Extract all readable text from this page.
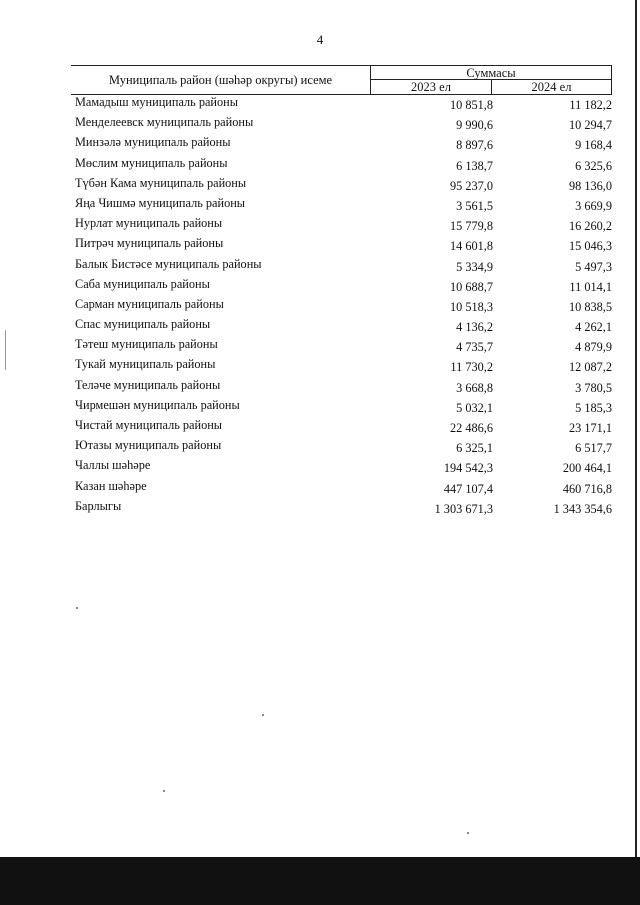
4
Муниципаль район (шәһәр округы) исеме	Суммасы
2023 ел	2024 ел
Мамадыш муниципаль районы	10 851,8	11 182,2
Менделеевск муниципаль районы	9 990,6	10 294,7
Минзәлә муниципаль районы	8 897,6	9 168,4
Мөслим муниципаль районы	6 138,7	6 325,6
Түбән Кама муниципаль районы	95 237,0	98 136,0
Яңа Чишмә муниципаль районы	3 561,5	3 669,9
Нурлат муниципаль районы	15 779,8	16 260,2
Питрәч муниципаль районы	14 601,8	15 046,3
Балык Бистәсе муниципаль районы	5 334,9	5 497,3
Саба муниципаль районы	10 688,7	11 014,1
Сарман муниципаль районы	10 518,3	10 838,5
Спас муниципаль районы	4 136,2	4 262,1
Тәтеш муниципаль районы	4 735,7	4 879,9
Тукай муниципаль районы	11 730,2	12 087,2
Теләче муниципаль районы	3 668,8	3 780,5
Чирмешән муниципаль районы	5 032,1	5 185,3
Чистай муниципаль районы	22 486,6	23 171,1
Ютазы муниципаль районы	6 325,1	6 517,7
Чаллы шәһәре	194 542,3	200 464,1
Казан шәһәре	447 107,4	460 716,8
Барлыгы	1 303 671,3	1 343 354,6
